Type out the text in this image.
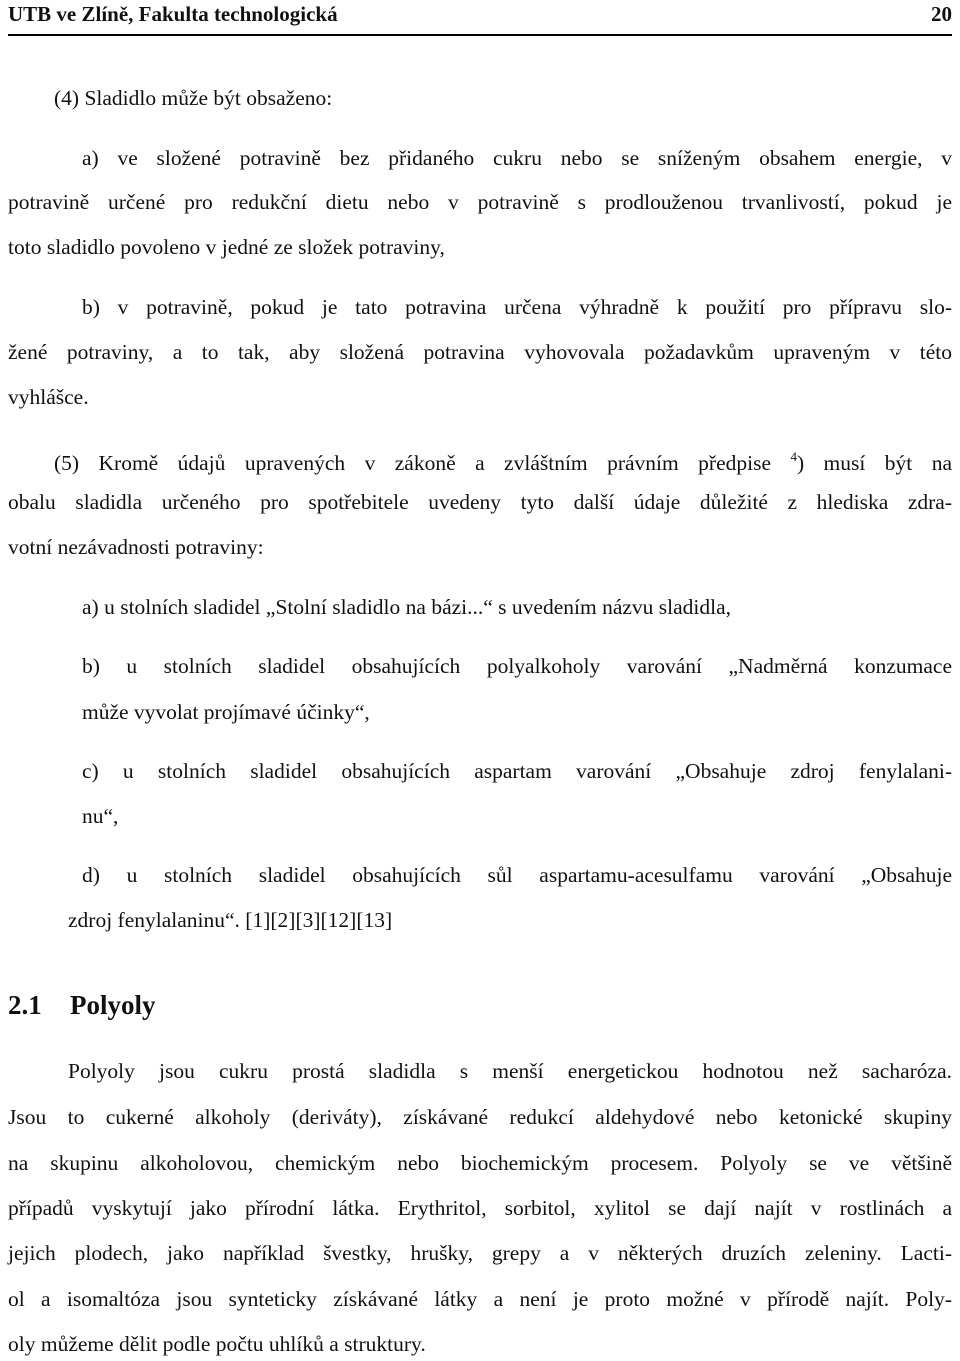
UTB ve Zlíně, Fakulta technologická	20
(4) Sladidlo může být obsaženo:
a) ve složené potravině bez přidaného cukru nebo se sníženým obsahem energie, v
potravině určené pro redukční dietu nebo v potravině s prodlouženou trvanlivostí, pokud je
toto sladidlo povoleno v jedné ze složek potraviny,
b) v potravině, pokud je tato potravina určena výhradně k použití pro přípravu slo-
žené potraviny, a to tak, aby složená potravina vyhovovala požadavkům upraveným v této
vyhlášce.
(5) Kromě údajů upravených v zákoně a zvláštním právním předpise $^4$) musí být na
obalu sladidla určeného pro spotřebitele uvedeny tyto další údaje důležité z hlediska zdra-
votní nezávadnosti potraviny:
a) u stolních sladidel „Stolní sladidlo na bázi...“ s uvedením názvu sladidla,
b) u stolních sladidel obsahujících polyalkoholy varování „Nadměrná konzumace
může vyvolat projímavé účinky“,
c) u stolních sladidel obsahujících aspartam varování „Obsahuje zdroj fenylalani-
nu“,
d) u stolních sladidel obsahujících sůl aspartamu-acesulfamu varování „Obsahuje
zdroj fenylalaninu“. [1][2][3][12][13]
2.1 Polyoly
Polyoly jsou cukru prostá sladidla s menší energetickou hodnotou než sacharóza.
Jsou to cukerné alkoholy (deriváty), získávané redukcí aldehydové nebo ketonické skupiny
na skupinu alkoholovou, chemickým nebo biochemickým procesem. Polyoly se ve většině
případů vyskytují jako přírodní látka. Erythritol, sorbitol, xylitol se dají najít v rostlinách a
jejich plodech, jako například švestky, hrušky, grepy a v některých druzích zeleniny. Lacti-
ol a isomaltóza jsou synteticky získávané látky a není je proto možné v přírodě najít. Poly-
oly můžeme dělit podle počtu uhlíků a struktury.
